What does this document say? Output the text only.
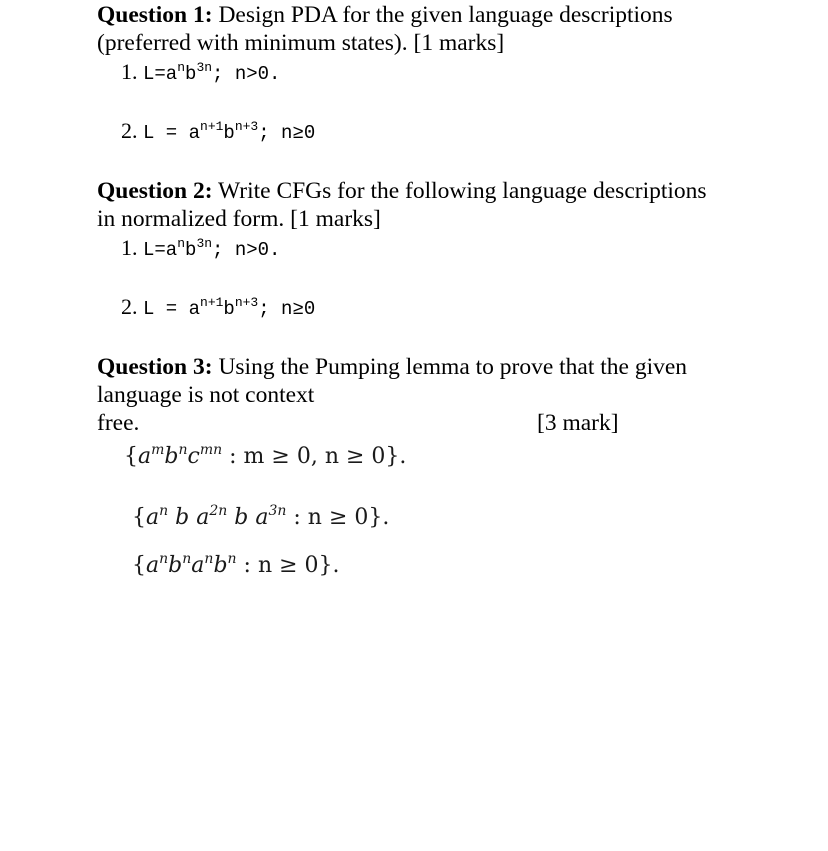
Question 1: Design PDA for the given language descriptions
(preferred with minimum states). [1 marks]
1. $L=a^nb^{3n}$; n>0.
2. $L = a^{n+1}b^{n+3}$; n≥0
Question 2: Write CFGs for the following language descriptions
in normalized form. [1 marks]
1. $L=a^nb^{3n}$; n>0.
2. $L = a^{n+1}b^{n+3}$; n≥0
Question 3: Using the Pumping lemma to prove that the given
language is not context
free.	[3 mark]
{$a^mb^nc^{mn}$ : m ≥ 0, n ≥ 0}.
{$a^n$ b $a^{2n}$ b $a^{3n}$ : n ≥ 0}.
{$a^nb^na^nb^n$ : n ≥ 0}.
